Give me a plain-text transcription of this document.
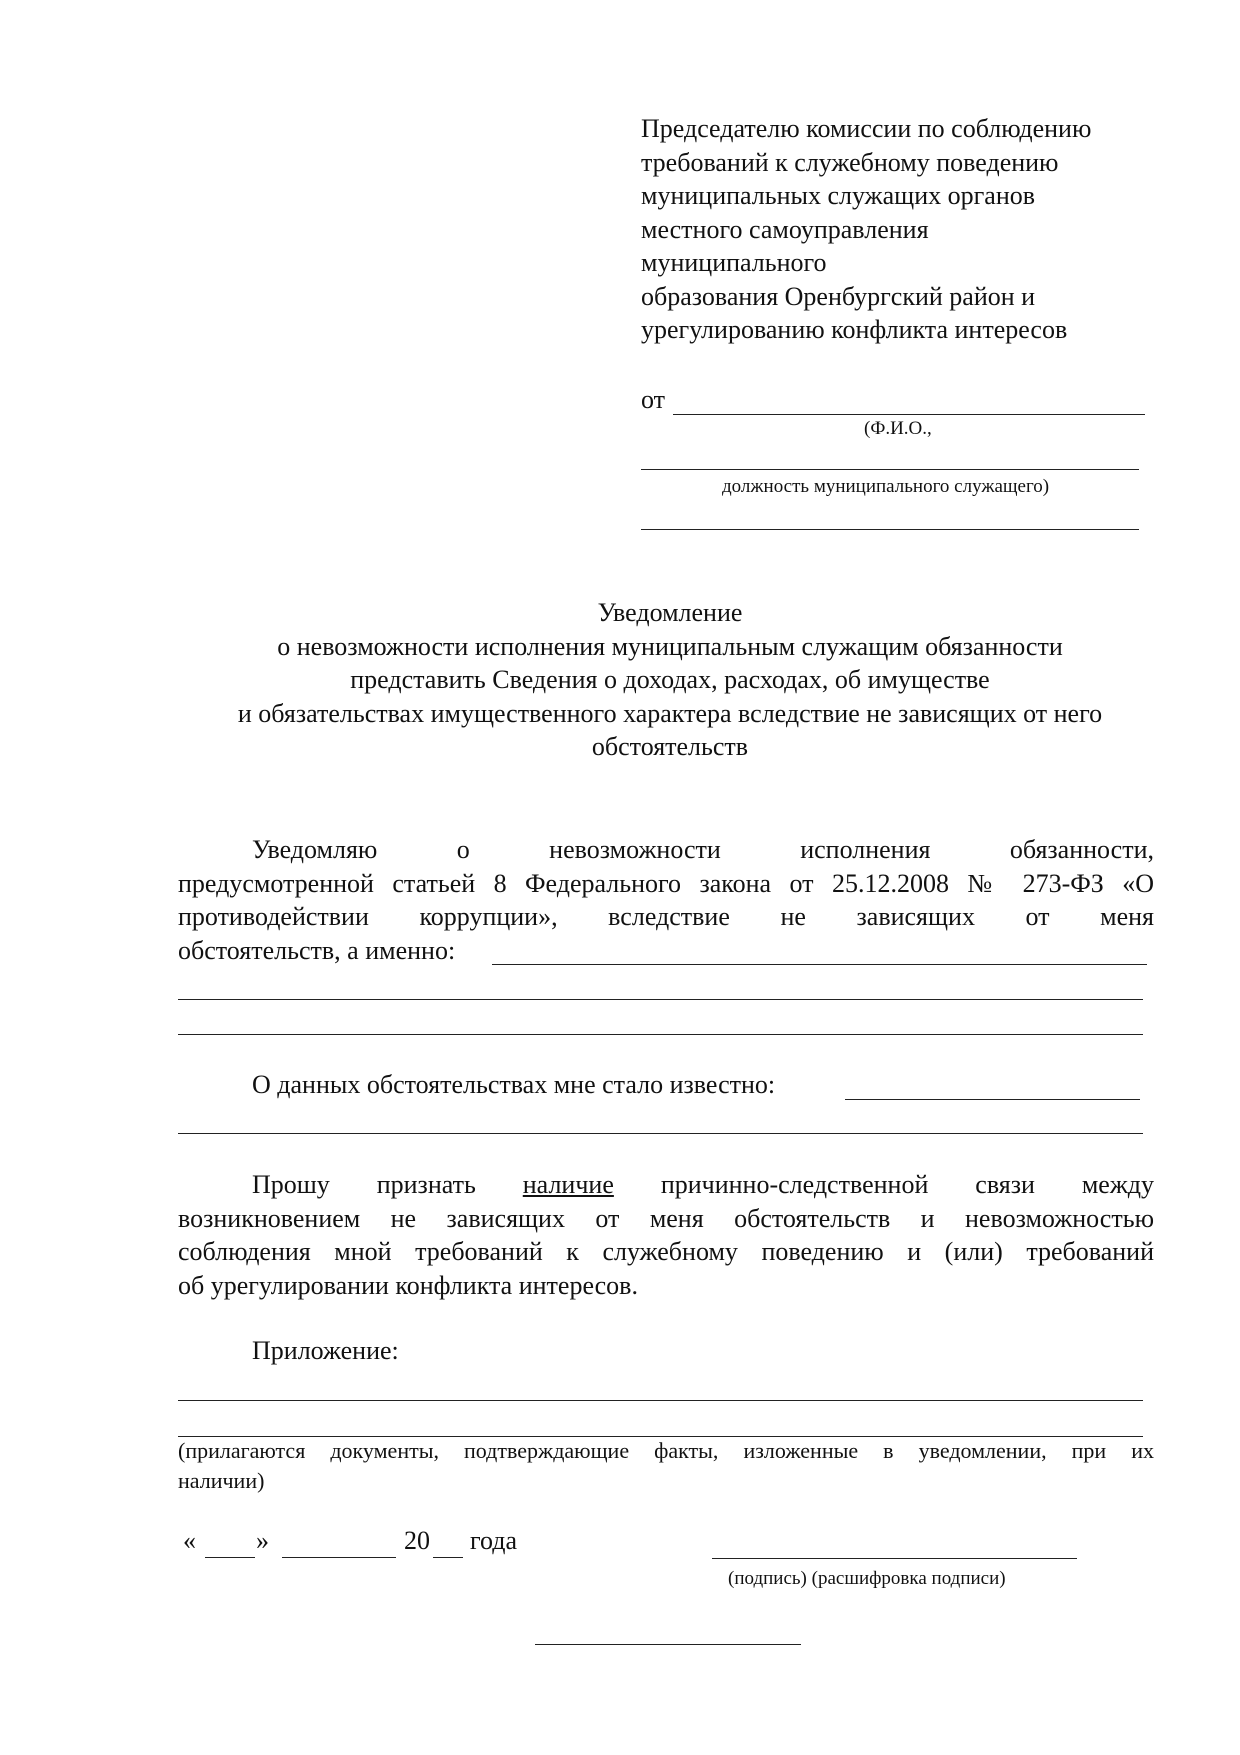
Председателю комиссии по соблюдению
требований к служебному поведению
муниципальных служащих органов
местного самоуправления
муниципального
образования Оренбургский район и
урегулированию конфликта интересов
от
(Ф.И.О.,
должность муниципального служащего)
Уведомление
о невозможности исполнения муниципальным служащим обязанности
представить Сведения о доходах, расходах, об имуществе
и обязательствах имущественного характера вследствие не зависящих от него
обстоятельств
Уведомляю о невозможности исполнения обязанности,
предусмотренной статьей 8 Федерального закона от 25.12.2008 № 273-ФЗ «О
противодействии коррупции», вследствие не зависящих от меня
обстоятельств, а именно:
О данных обстоятельствах мне стало известно:
Прошу признать наличие причинно-следственной связи между
возникновением не зависящих от меня обстоятельств и невозможностью
соблюдения мной требований к служебному поведению и (или) требований
об урегулировании конфликта интересов.
Приложение:
(прилагаются документы, подтверждающие факты, изложенные в уведомлении, при их
наличии)
« »	20 года
(подпись) (расшифровка подписи)
